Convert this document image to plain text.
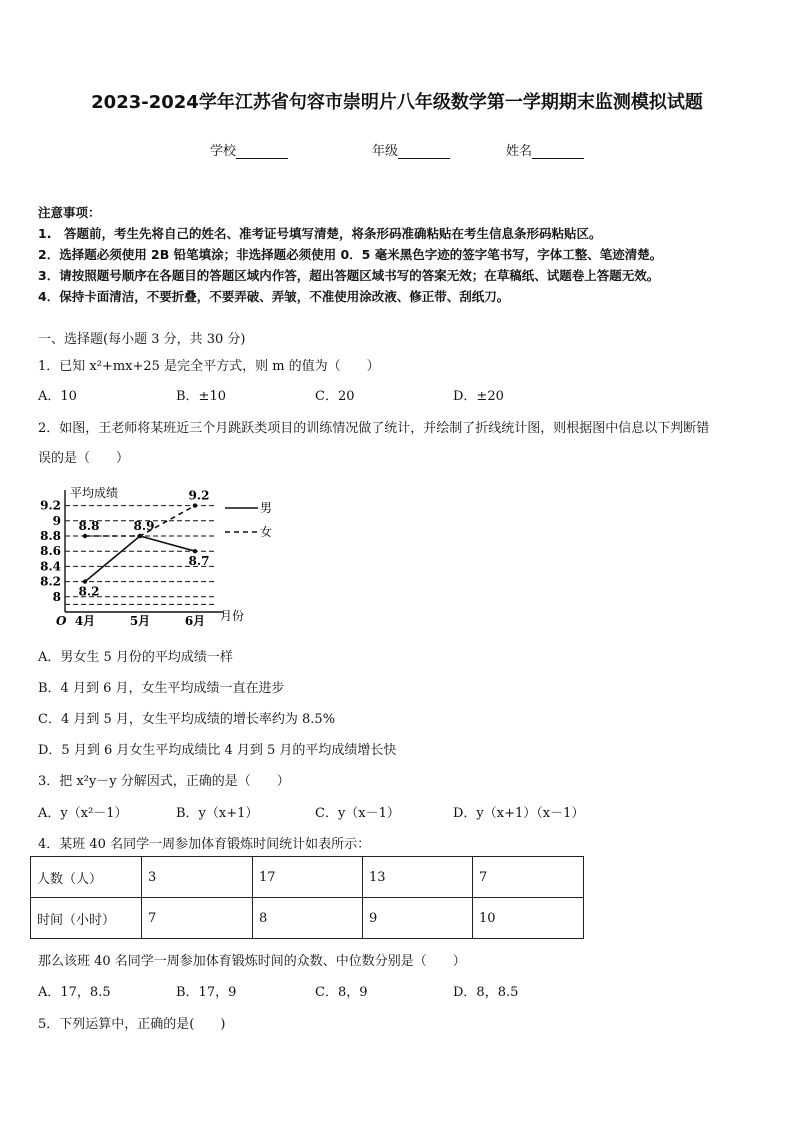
2023-2024学年江苏省句容市崇明片八年级数学第一学期期末监测模拟试题
学校	年级	姓名
注意事项：
1.　答题前，考生先将自己的姓名、准考证号填写清楚，将条形码准确粘贴在考生信息条形码粘贴区。
2．选择题必须使用 2B 铅笔填涂；非选择题必须使用 0．5 毫米黑色字迹的签字笔书写，字体工整、笔迹清楚。
3．请按照题号顺序在各题目的答题区域内作答，超出答题区域书写的答案无效；在草稿纸、试题卷上答题无效。
4．保持卡面清洁，不要折叠，不要弄破、弄皱，不准使用涂改液、修正带、刮纸刀。
一、选择题(每小题 3 分，共 30 分)
1．已知 x²+mx+25 是完全平方式，则 m 的值为（　　）
A．10	B．±10	C．20	D．±20
2．如图，王老师将某班近三个月跳跃类项目的训练情况做了统计，并绘制了折线统计图，则根据图中信息以下判断错
误的是（　　）
8
8.2
8.4
8.6
8.8
9
9.2
4月	5月	6月
8.2
8.7
8.8	8.9
9.2
男
女
平均成绩
月份
O
A．男女生 5 月份的平均成绩一样
B．4 月到 6 月，女生平均成绩一直在进步
C．4 月到 5 月，女生平均成绩的增长率约为 8.5%
D．5 月到 6 月女生平均成绩比 4 月到 5 月的平均成绩增长快
3．把 x²y－y 分解因式，正确的是（　　）
A．y（x²－1）	B．y（x+1）	C．y（x－1）	D．y（x+1）（x－1）
4．某班 40 名同学一周参加体育锻炼时间统计如表所示：
人数（人）	3	17	13	7
时间（小时）	7	8	9	10
那么该班 40 名同学一周参加体育锻炼时间的众数、中位数分别是（　　）
A．17，8.5	B．17，9	C．8，9	D．8，8.5
5．下列运算中，正确的是(　　)
